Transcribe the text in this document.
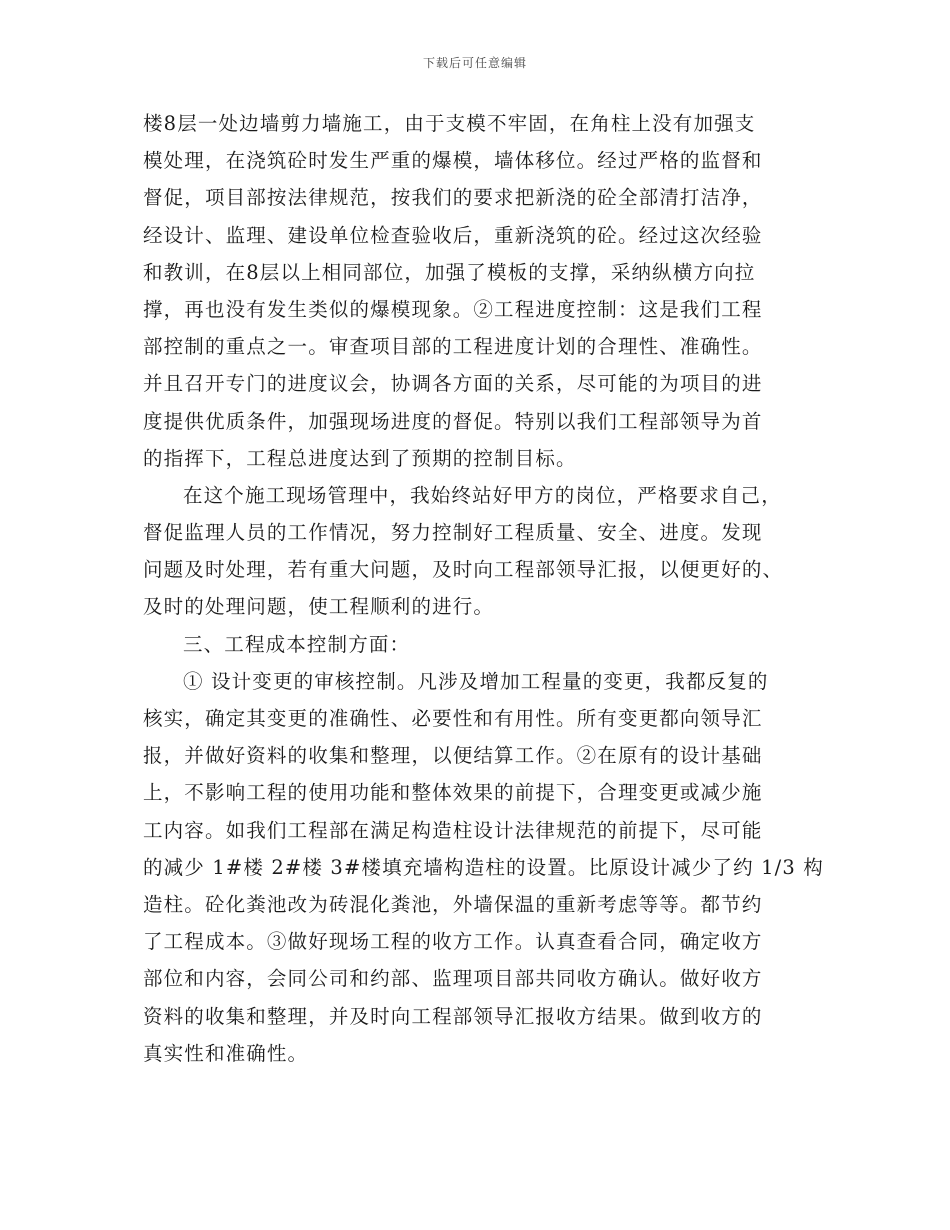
下载后可任意编辑
楼8层一处边墙剪力墙施工，由于支模不牢固，在角柱上没有加强支
模处理，在浇筑砼时发生严重的爆模，墙体移位。经过严格的监督和
督促，项目部按法律规范，按我们的要求把新浇的砼全部清打洁净，
经设计、监理、建设单位检查验收后，重新浇筑的砼。经过这次经验
和教训，在8层以上相同部位，加强了模板的支撑，采纳纵横方向拉
撑，再也没有发生类似的爆模现象。②工程进度控制：这是我们工程
部控制的重点之一。审查项目部的工程进度计划的合理性、准确性。
并且召开专门的进度议会，协调各方面的关系，尽可能的为项目的进
度提供优质条件，加强现场进度的督促。特别以我们工程部领导为首
的指挥下，工程总进度达到了预期的控制目标。
在这个施工现场管理中，我始终站好甲方的岗位，严格要求自己，
督促监理人员的工作情况，努力控制好工程质量、安全、进度。发现
问题及时处理，若有重大问题，及时向工程部领导汇报，以便更好的、
及时的处理问题，使工程顺利的进行。
三、工程成本控制方面：
① 设计变更的审核控制。凡涉及增加工程量的变更，我都反复的
核实，确定其变更的准确性、必要性和有用性。所有变更都向领导汇
报，并做好资料的收集和整理，以便结算工作。②在原有的设计基础
上，不影响工程的使用功能和整体效果的前提下，合理变更或减少施
工内容。如我们工程部在满足构造柱设计法律规范的前提下，尽可能
的减少 1#楼 2#楼 3#楼填充墙构造柱的设置。比原设计减少了约 1/3 构
造柱。砼化粪池改为砖混化粪池，外墙保温的重新考虑等等。都节约
了工程成本。③做好现场工程的收方工作。认真查看合同，确定收方
部位和内容，会同公司和约部、监理项目部共同收方确认。做好收方
资料的收集和整理，并及时向工程部领导汇报收方结果。做到收方的
真实性和准确性。
